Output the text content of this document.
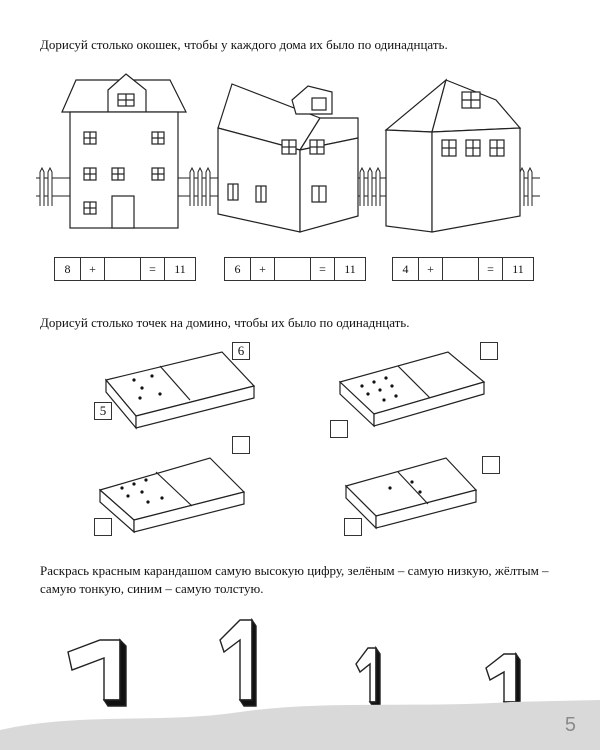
Дорисуй столько окошек, чтобы у каждого дома их было по одинаднцать.

8	+	=	11	6	+	=	11	4	+	=	11

Дорисуй столько точек на домино, чтобы их было по одинаднцать.

6
5

Раскрась красным карандашом самую высокую цифру, зелёным – самую низкую, жёлтым – самую тонкую, синим – самую толстую.

5
